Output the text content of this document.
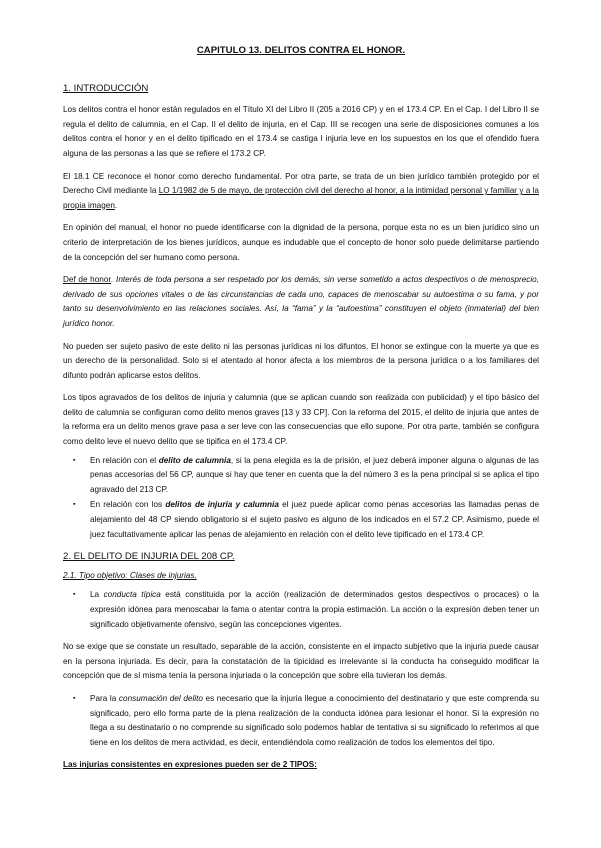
CAPITULO 13. DELITOS CONTRA EL HONOR.

1. INTRODUCCIÓN

Los delitos contra el honor están regulados en el Título XI del Libro II (205 a 2016 CP) y en el 173.4 CP. En el Cap. I del Libro II se regula el delito de calumnia, en el Cap. II el delito de injuria, en el Cap. III se recogen una serie de disposiciones comunes a los delitos contra el honor y en el delito tipificado en el 173.4 se castiga l injuria leve en los supuestos en los que el ofendido fuera alguna de las personas a las que se refiere el 173.2 CP.

El 18.1 CE reconoce el honor como derecho fundamental. Por otra parte, se trata de un bien jurídico también protegido por el Derecho Civil mediante la LO 1/1982 de 5 de mayo, de protección civil del derecho al honor, a la intimidad personal y familiar y a la propia imagen.

En opinión del manual, el honor no puede identificarse con la dignidad de la persona, porque esta no es un bien jurídico sino un criterio de interpretación de los bienes jurídicos, aunque es indudable que el concepto de honor solo puede delimitarse partiendo de la concepción del ser humano como persona.

Def de honor. Interés de toda persona a ser respetado por los demás, sin verse sometido a actos despectivos o de menosprecio, derivado de sus opciones vitales o de las circunstancias de cada uno, capaces de menoscabar su autoestima o su fama, y por tanto su desenvolvimiento en las relaciones sociales. Así, la “fama” y la “autoestima” constituyen el objeto (inmaterial) del bien jurídico honor.

No pueden ser sujeto pasivo de este delito ni las personas jurídicas ni los difuntos. El honor se extingue con la muerte ya que es un derecho de la personalidad. Solo si el atentado al honor afecta a los miembros de la persona jurídica o a los familiares del difunto podrán aplicarse estos delitos.

Los tipos agravados de los delitos de injuria y calumnia (que se aplican cuando son realizada con publicidad) y el tipo básico del delito de calumnia se configuran como delito menos graves [13 y 33 CP]. Con la reforma del 2015, el delito de injuria que antes de la reforma era un delito menos grave pasa a ser leve con las consecuencias que ello supone. Por otra parte, también se configura como delito leve el nuevo delito que se tipifica en el 173.4 CP.

▪ En relación con el delito de calumnia, si la pena elegida es la de prisión, el juez deberá imponer alguna o algunas de las penas accesorias del 56 CP, aunque si hay que tener en cuenta que la del número 3 es la pena principal si se aplica el tipo agravado del 213 CP.
▪ En relación con los delitos de injuria y calumnia el juez puede aplicar como penas accesorias las llamadas penas de alejamiento del 48 CP siendo obligatorio si el sujeto pasivo es alguno de los indicados en el 57.2 CP. Asimismo, puede el juez facultativamente aplicar las penas de alejamiento en relación con el delito leve tipificado en el 173.4 CP.

2. EL DELITO DE INJURIA DEL 208 CP.

2.1. Tipo objetivo: Clases de injurias.

▪ La conducta típica está constituida por la acción (realización de determinados gestos despectivos o procaces) o la expresión idónea para menoscabar la fama o atentar contra la propia estimación. La acción o la expresión deben tener un significado objetivamente ofensivo, según las concepciones vigentes.

No se exige que se constate un resultado, separable de la acción, consistente en el impacto subjetivo que la injuria puede causar en la persona injuriada. Es decir, para la constatación de la tipicidad es irrelevante si la conducta ha conseguido modificar la concepción que de sí misma tenía la persona injuriada o la concepción que sobre ella tuvieran los demás.

▪ Para la consumación del delito es necesario que la injuria llegue a conocimiento del destinatario y que este comprenda su significado, pero ello forma parte de la plena realización de la conducta idónea para lesionar el honor. Si la expresión no llega a su destinatario o no comprende su significado solo podemos hablar de tentativa si su significado lo referimos al que tiene en los delitos de mera actividad, es decir, entendiéndola como realización de todos los elementos del tipo.

Las injurias consistentes en expresiones pueden ser de 2 TIPOS:
